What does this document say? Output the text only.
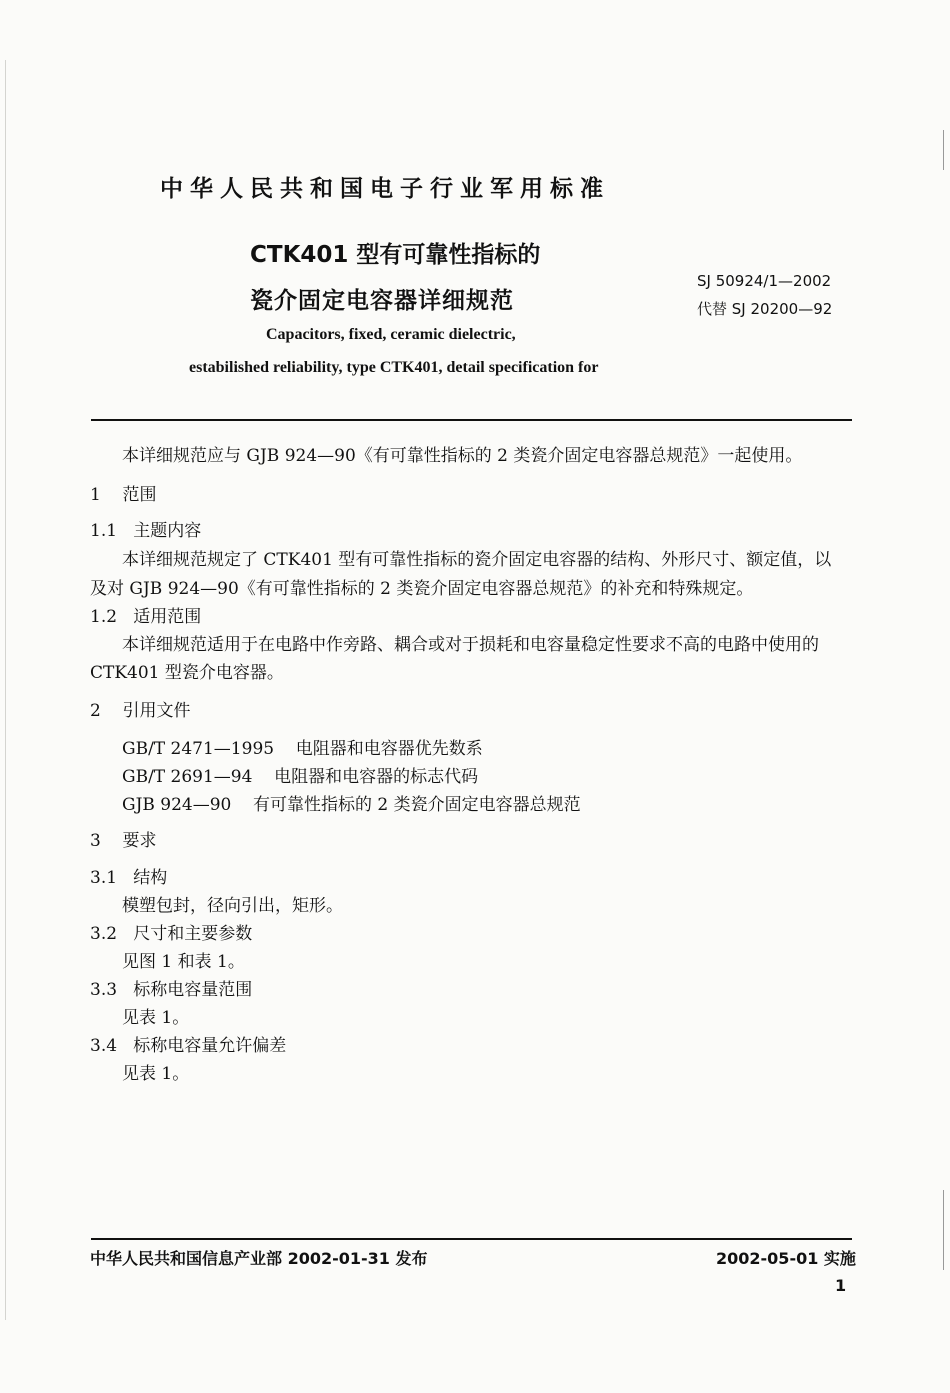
中华人民共和国电子行业军用标准
CTK401 型有可靠性指标的
瓷介固定电容器详细规范
SJ 50924/1—2002
代替 SJ 20200—92
Capacitors, fixed, ceramic dielectric,
estabilished reliability, type CTK401, detail specification for
本详细规范应与 GJB 924—90《有可靠性指标的 2 类瓷介固定电容器总规范》一起使用。
1 范围
1.1 主题内容
本详细规范规定了 CTK401 型有可靠性指标的瓷介固定电容器的结构、外形尺寸、额定值，以
及对 GJB 924—90《有可靠性指标的 2 类瓷介固定电容器总规范》的补充和特殊规定。
1.2 适用范围
本详细规范适用于在电路中作旁路、耦合或对于损耗和电容量稳定性要求不高的电路中使用的
CTK401 型瓷介电容器。
2 引用文件
GB/T 2471—1995 电阻器和电容器优先数系
GB/T 2691—94 电阻器和电容器的标志代码
GJB 924—90 有可靠性指标的 2 类瓷介固定电容器总规范
3 要求
3.1 结构
模塑包封，径向引出，矩形。
3.2 尺寸和主要参数
见图 1 和表 1。
3.3 标称电容量范围
见表 1。
3.4 标称电容量允许偏差
见表 1。
中华人民共和国信息产业部 2002-01-31 发布	2002-05-01 实施
1
